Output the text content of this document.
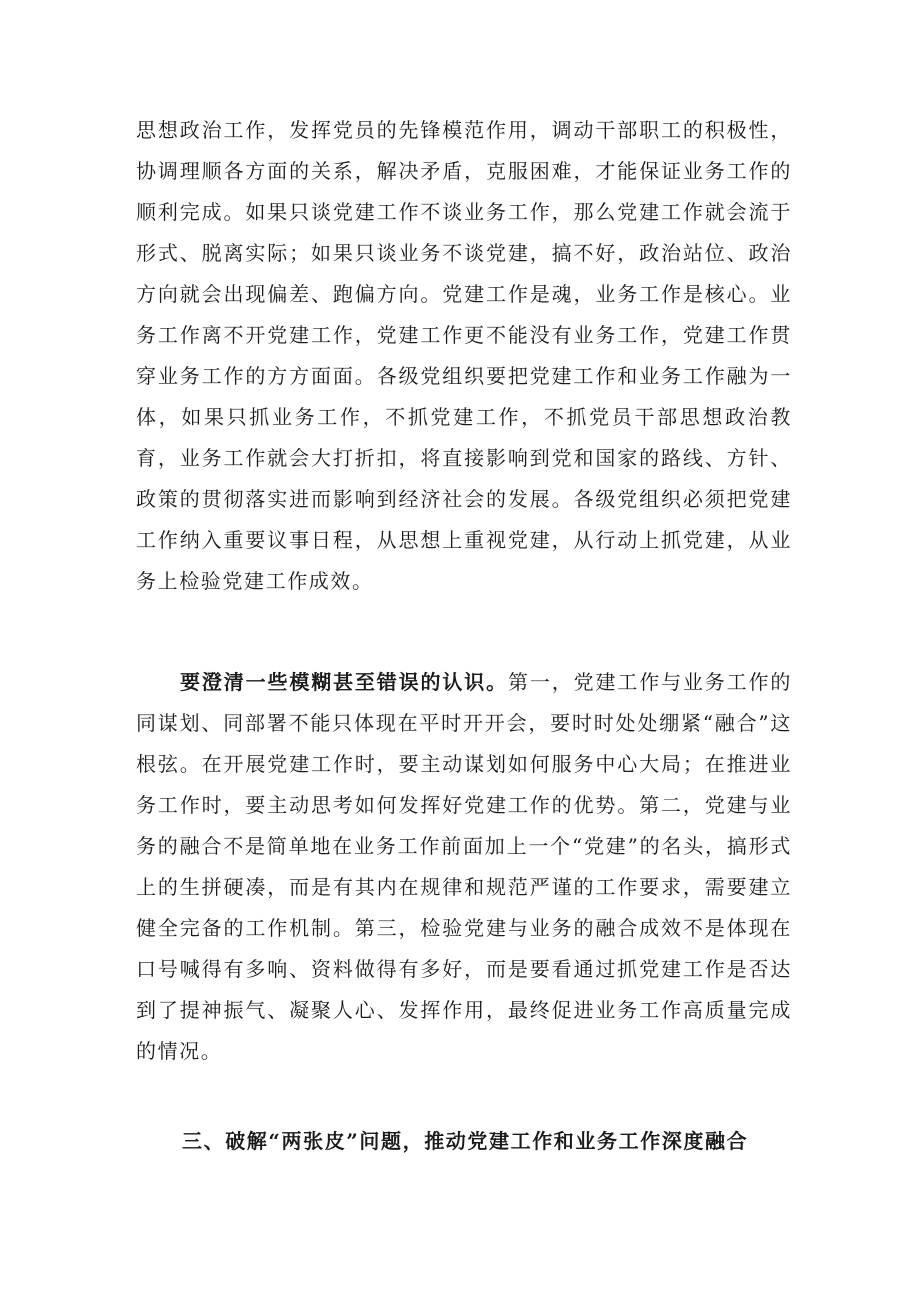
思想政治工作，发挥党员的先锋模范作用，调动干部职工的积极性，协调理顺各方面的关系，解决矛盾，克服困难，才能保证业务工作的顺利完成。如果只谈党建工作不谈业务工作，那么党建工作就会流于形式、脱离实际；如果只谈业务不谈党建，搞不好，政治站位、政治方向就会出现偏差、跑偏方向。党建工作是魂，业务工作是核心。业务工作离不开党建工作，党建工作更不能没有业务工作，党建工作贯穿业务工作的方方面面。各级党组织要把党建工作和业务工作融为一体，如果只抓业务工作，不抓党建工作，不抓党员干部思想政治教育，业务工作就会大打折扣，将直接影响到党和国家的路线、方针、政策的贯彻落实进而影响到经济社会的发展。各级党组织必须把党建工作纳入重要议事日程，从思想上重视党建，从行动上抓党建，从业务上检验党建工作成效。

要澄清一些模糊甚至错误的认识。第一，党建工作与业务工作的同谋划、同部署不能只体现在平时开开会，要时时处处绷紧“融合”这根弦。在开展党建工作时，要主动谋划如何服务中心大局；在推进业务工作时，要主动思考如何发挥好党建工作的优势。第二，党建与业务的融合不是简单地在业务工作前面加上一个“党建”的名头，搞形式上的生拼硬凑，而是有其内在规律和规范严谨的工作要求，需要建立健全完备的工作机制。第三，检验党建与业务的融合成效不是体现在口号喊得有多响、资料做得有多好，而是要看通过抓党建工作是否达到了提神振气、凝聚人心、发挥作用，最终促进业务工作高质量完成的情况。

三、破解“两张皮”问题，推动党建工作和业务工作深度融合
